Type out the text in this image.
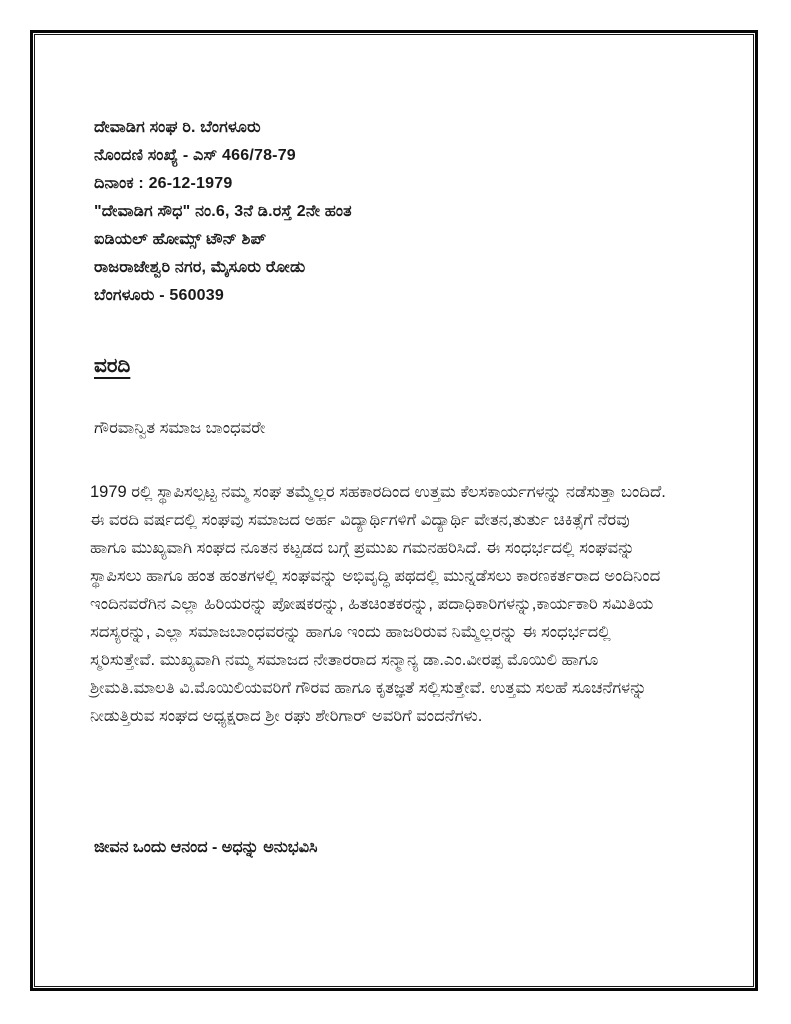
ದೇವಾಡಿಗ ಸಂಘ ರಿ. ಬೆಂಗಳೂರು
ನೊಂದಣಿ ಸಂಖ್ಯೆ - ಎಸ್ 466/78-79
ದಿನಾಂಕ : 26-12-1979
"ದೇವಾಡಿಗ ಸೌಧ" ನಂ.6, 3ನೆ ಡಿ.ರಸ್ತೆ 2ನೇ ಹಂತ
ಐಡಿಯಲ್ ಹೋಮ್ಸ್ ಟೌನ್ ಶಿಪ್
ರಾಜರಾಜೇಶ್ವರಿ ನಗರ, ಮೈಸೂರು ರೋಡು
ಬೆಂಗಳೂರು - 560039
ವರದಿ
ಗೌರವಾನ್ವಿತ ಸಮಾಜ ಬಾಂಧವರೇ
1979 ರಲ್ಲಿ ಸ್ಥಾಪಿಸಲ್ಪಟ್ಟ ನಮ್ಮ ಸಂಘ ತಮ್ಮೆಲ್ಲರ ಸಹಕಾರದಿಂದ ಉತ್ತಮ ಕೆಲಸಕಾರ್ಯಗಳನ್ನು ನಡೆಸುತ್ತಾ ಬಂದಿದೆ.
ಈ ವರದಿ ವರ್ಷದಲ್ಲಿ ಸಂಘವು ಸಮಾಜದ ಅರ್ಹ ವಿದ್ಯಾರ್ಥಿಗಳಿಗೆ ವಿದ್ಯಾರ್ಥಿ ವೇತನ,ತುರ್ತು ಚಿಕಿತ್ಸೆಗೆ ನೆರವು
ಹಾಗೂ ಮುಖ್ಯವಾಗಿ ಸಂಘದ ನೂತನ ಕಟ್ಟಡದ ಬಗ್ಗೆ ಪ್ರಮುಖ ಗಮನಹರಿಸಿದೆ. ಈ ಸಂಧರ್ಭದಲ್ಲಿ ಸಂಘವನ್ನು
ಸ್ಥಾಪಿಸಲು ಹಾಗೂ ಹಂತ ಹಂತಗಳಲ್ಲಿ ಸಂಘವನ್ನು ಅಭಿವೃದ್ಧಿ ಪಥದಲ್ಲಿ ಮುನ್ನಡೆಸಲು ಕಾರಣಕರ್ತರಾದ ಅಂದಿನಿಂದ
ಇಂದಿನವರೆಗಿನ ಎಲ್ಲಾ ಹಿರಿಯರನ್ನು ಪೋಷಕರನ್ನು, ಹಿತಚಿಂತಕರನ್ನು, ಪದಾಧಿಕಾರಿಗಳನ್ನು,ಕಾರ್ಯಕಾರಿ ಸಮಿತಿಯ
ಸದಸ್ಯರನ್ನು, ಎಲ್ಲಾ ಸಮಾಜಬಾಂಧವರನ್ನು ಹಾಗೂ ಇಂದು ಹಾಜರಿರುವ ನಿಮ್ಮೆಲ್ಲರನ್ನು ಈ ಸಂಧರ್ಭದಲ್ಲಿ
ಸ್ಮರಿಸುತ್ತೇವೆ. ಮುಖ್ಯವಾಗಿ ನಮ್ಮ ಸಮಾಜದ ನೇತಾರರಾದ ಸನ್ಮಾನ್ಯ ಡಾ.ಎಂ.ವೀರಪ್ಪ ಮೊಯಿಲಿ ಹಾಗೂ
ಶ್ರೀಮತಿ.ಮಾಲತಿ ವಿ.ಮೊಯಿಲಿಯವರಿಗೆ ಗೌರವ ಹಾಗೂ ಕೃತಜ್ಞತೆ ಸಲ್ಲಿಸುತ್ತೇವೆ. ಉತ್ತಮ ಸಲಹೆ ಸೂಚನೆಗಳನ್ನು
ನೀಡುತ್ತಿರುವ ಸಂಘದ ಅಧ್ಯಕ್ಷರಾದ ಶ್ರೀ ರಘು ಶೇರಿಗಾರ್ ಅವರಿಗೆ ವಂದನೆಗಳು.
ಜೀವನ ಒಂದು ಆನಂದ - ಅಧನ್ನು ಅನುಭವಿಸಿ
